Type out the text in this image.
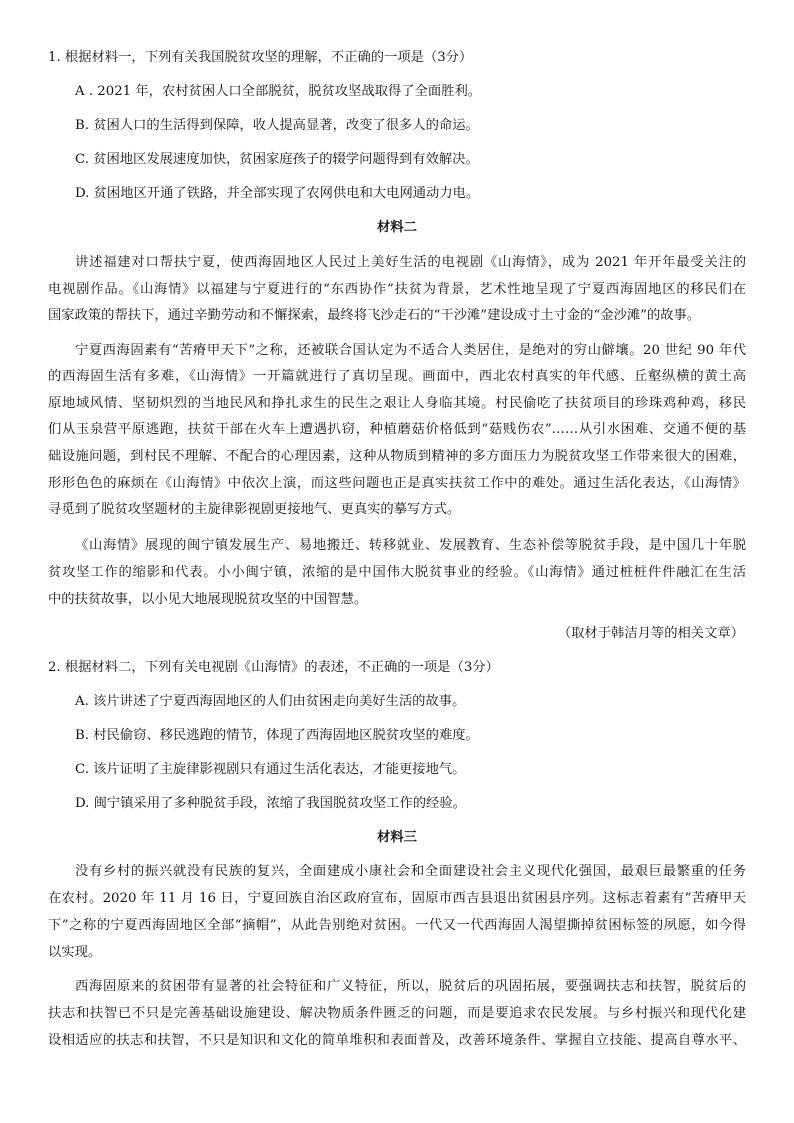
1. 根据材料一，下列有关我国脱贫攻坚的理解，不正确的一项是（3分）
A . 2021 年，农村贫困人口全部脱贫，脱贫攻坚战取得了全面胜利。
B. 贫困人口的生活得到保障，收人提高显著，改变了很多人的命运。
C. 贫困地区发展速度加快，贫困家庭孩子的辍学问题得到有效解决。
D. 贫困地区开通了铁路，并全部实现了农网供电和大电网通动力电。
材料二
讲述福建对口帮扶宁夏，使西海固地区人民过上美好生活的电视剧《山海情》，成为 2021 年开年最受关注的
电视剧作品。《山海情》以福建与宁夏进行的“东西协作”扶贫为背景，艺术性地呈现了宁夏西海固地区的移民们在
国家政策的帮扶下，通过辛勤劳动和不懈探索，最终将飞沙走石的“干沙滩”建设成寸土寸金的“金沙滩”的故事。
宁夏西海固素有“苦瘠甲天下”之称，还被联合国认定为不适合人类居住，是绝对的穷山僻壤。20 世纪 90 年代
的西海固生活有多难，《山海情》一开篇就进行了真切呈现。画面中，西北农村真实的年代感、丘壑纵横的黄土高
原地域风情、坚韧炽烈的当地民风和挣扎求生的民生之艰让人身临其境。村民偷吃了扶贫项目的珍珠鸡种鸡，移民
们从玉泉营平原逃跑，扶贫干部在火车上遭遇扒窃，种植蘑菇价格低到“菇贱伤农”……从引水困难、交通不便的基
础设施问题，到村民不理解、不配合的心理因素，这种从物质到精神的多方面压力为脱贫攻坚工作带来很大的困难，
形形色色的麻烦在《山海情》中依次上演，而这些问题也正是真实扶贫工作中的难处。通过生活化表达，《山海情》
寻觅到了脱贫攻坚题材的主旋律影视剧更接地气、更真实的摹写方式。
《山海情》展现的闽宁镇发展生产、易地搬迁、转移就业、发展教育、生态补偿等脱贫手段，是中国几十年脱
贫攻坚工作的缩影和代表。小小闽宁镇，浓缩的是中国伟大脱贫事业的经验。《山海情》通过桩桩件件融汇在生活
中的扶贫故事，以小见大地展现脱贫攻坚的中国智慧。
（取材于韩洁月等的相关文章）
2. 根据材料二，下列有关电视剧《山海情》的表述，不正确的一项是（3分）
A. 该片讲述了宁夏西海固地区的人们由贫困走向美好生活的故事。
B. 村民偷窃、移民逃跑的情节，体现了西海固地区脱贫攻坚的难度。
C. 该片证明了主旋律影视剧只有通过生活化表达，才能更接地气。
D. 闽宁镇采用了多种脱贫手段，浓缩了我国脱贫攻坚工作的经验。
材料三
没有乡村的振兴就没有民族的复兴，全面建成小康社会和全面建设社会主义现代化强国，最艰巨最繁重的任务
在农村。2020 年 11 月 16 日，宁夏回族自治区政府宣布，固原市西吉县退出贫困县序列。这标志着素有“苦瘠甲天
下”之称的宁夏西海固地区全部“摘帽”，从此告别绝对贫困。一代又一代西海固人渴望撕掉贫困标签的夙愿，如今得
以实现。
西海固原来的贫困带有显著的社会特征和广义特征，所以，脱贫后的巩固拓展，要强调扶志和扶智，脱贫后的
扶志和扶智已不只是完善基础设施建设、解决物质条件匮乏的问题，而是要追求农民发展。与乡村振兴和现代化建
设相适应的扶志和扶智，不只是知识和文化的简单堆积和表面普及，改善环境条件、掌握自立技能、提高自尊水平、
